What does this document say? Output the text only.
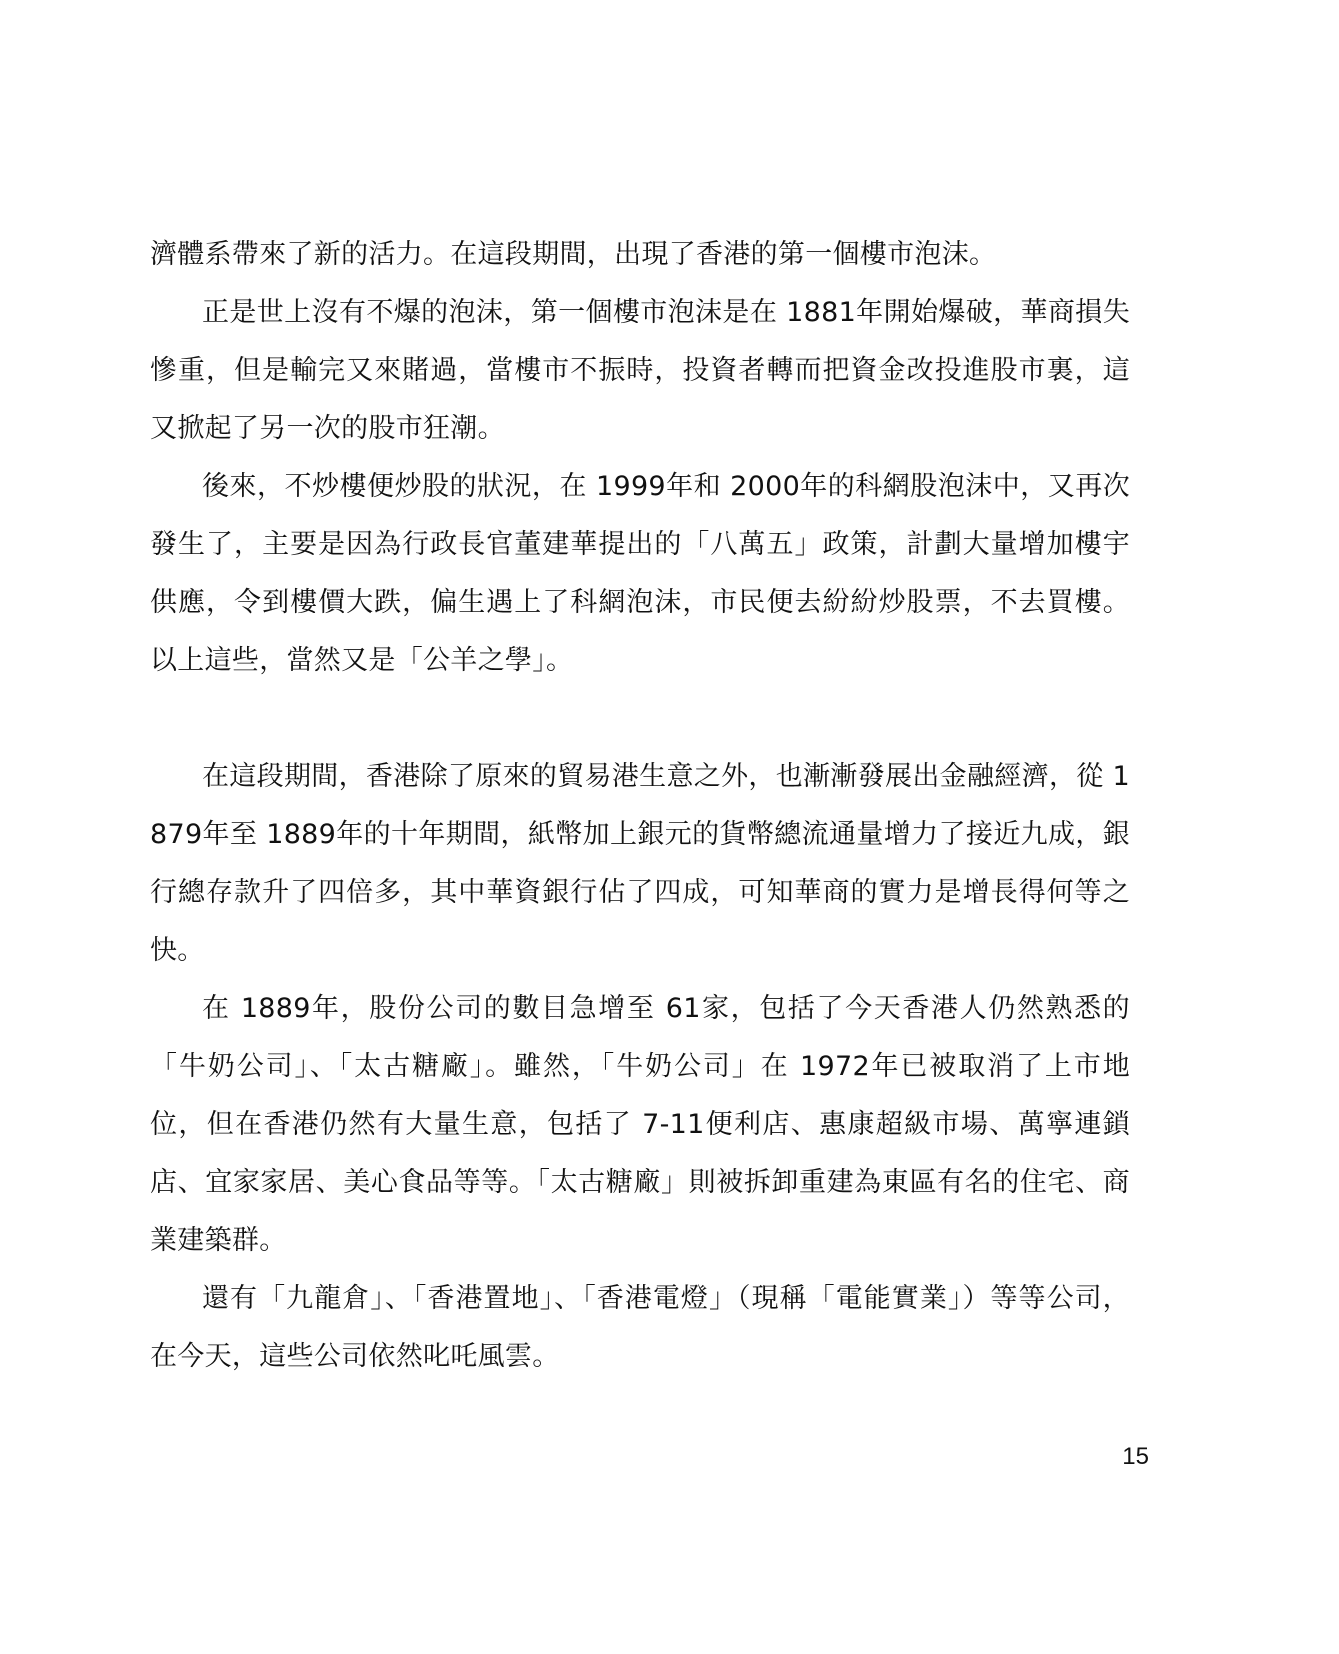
濟體系帶來了新的活力。在這段期間，出現了香港的第一個樓市泡沫。

正是世上沒有不爆的泡沫，第一個樓市泡沫是在 1881年開始爆破，華商損失慘重，但是輸完又來賭過，當樓市不振時，投資者轉而把資金改投進股市裏，這又掀起了另一次的股市狂潮。

後來，不炒樓便炒股的狀況，在 1999年和 2000年的科網股泡沫中，又再次發生了，主要是因為行政長官董建華提出的「八萬五」政策，計劃大量增加樓宇供應，令到樓價大跌，偏生遇上了科網泡沫，市民便去紛紛炒股票，不去買樓。以上這些，當然又是「公羊之學」。

在這段期間，香港除了原來的貿易港生意之外，也漸漸發展出金融經濟，從 1879年至 1889年的十年期間，紙幣加上銀元的貨幣總流通量增力了接近九成，銀行總存款升了四倍多，其中華資銀行佔了四成，可知華商的實力是增長得何等之快。

在 1889年，股份公司的數目急增至 61家，包括了今天香港人仍然熟悉的「牛奶公司」、「太古糖廠」。雖然，「牛奶公司」在 1972年已被取消了上市地位，但在香港仍然有大量生意，包括了 7-11便利店、惠康超級市場、萬寧連鎖店、宜家家居、美心食品等等。「太古糖廠」則被拆卸重建為東區有名的住宅、商業建築群。

還有「九龍倉」、「香港置地」、「香港電燈」（現稱「電能實業」）等等公司，在今天，這些公司依然叱吒風雲。

15
